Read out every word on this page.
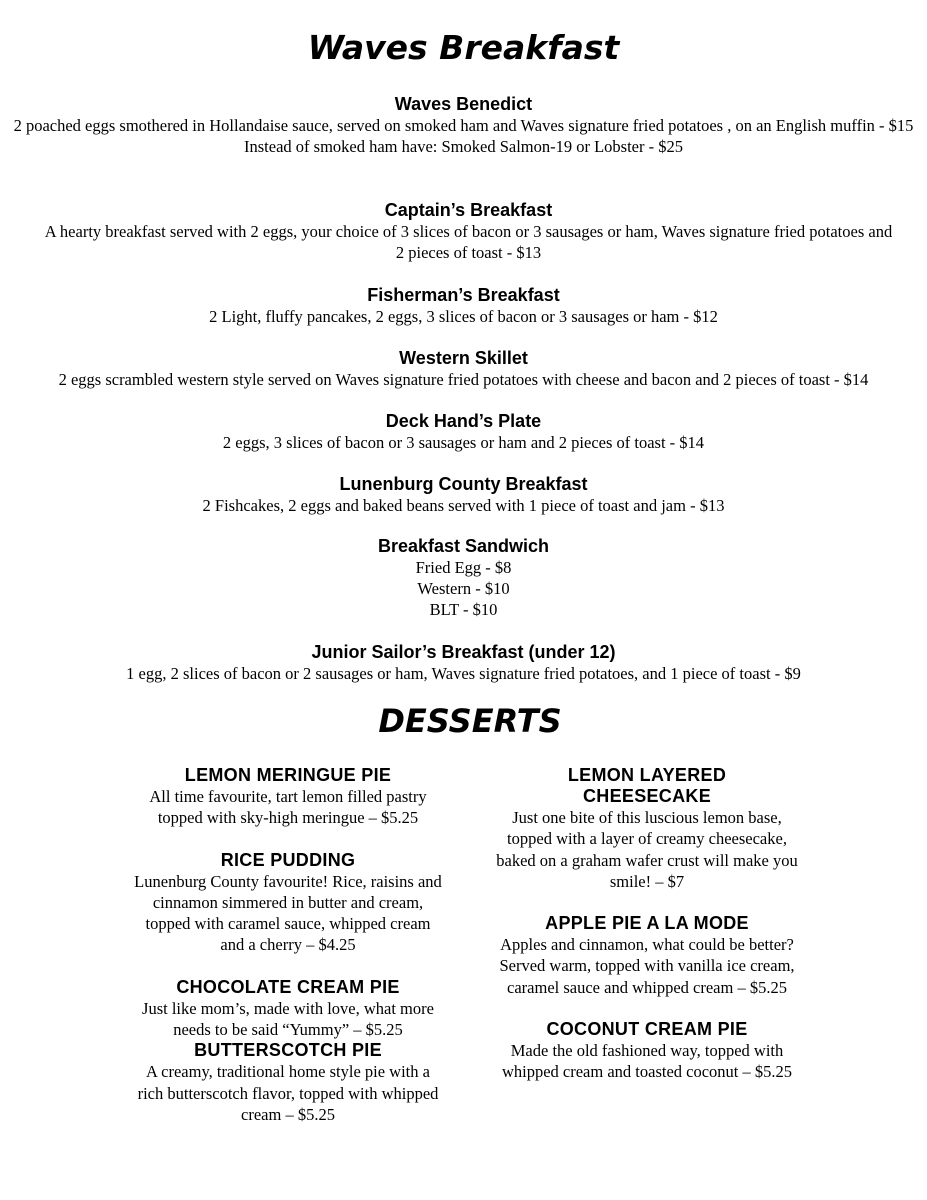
Waves Breakfast
Waves Benedict

2 poached eggs smothered in Hollandaise sauce, served on smoked ham and Waves signature fried potatoes , on an English muffin - $15

Instead of smoked ham have: Smoked Salmon-19 or Lobster - $25

Captain’s Breakfast

A hearty breakfast served with 2 eggs, your choice of 3 slices of bacon or 3 sausages or ham, Waves signature fried potatoes and 2 pieces of toast - $13

Fisherman’s Breakfast

2 Light, fluffy pancakes, 2 eggs, 3 slices of bacon or 3 sausages or ham - $12

Western Skillet

2 eggs scrambled western style served on Waves signature fried potatoes with cheese and bacon and 2 pieces of toast - $14

Deck Hand’s Plate

2 eggs, 3 slices of bacon or 3 sausages or ham and 2 pieces of toast - $14

Lunenburg County Breakfast

2 Fishcakes, 2 eggs and baked beans served with 1 piece of toast and jam - $13

Breakfast Sandwich

Fried Egg - $8

Western - $10

BLT - $10

Junior Sailor’s Breakfast (under 12)

1 egg, 2 slices of bacon or 2 sausages or ham, Waves signature fried potatoes, and 1 piece of toast - $9

DESSERTS
LEMON MERINGUE PIE

All time favourite, tart lemon filled pastry topped with sky-high meringue – $5.25

RICE PUDDING

Lunenburg County favourite! Rice, raisins and cinnamon simmered in butter and cream, topped with caramel sauce, whipped cream and a cherry – $4.25

CHOCOLATE CREAM PIE

Just like mom’s, made with love, what more needs to be said “Yummy” – $5.25

BUTTERSCOTCH PIE

A creamy, traditional home style pie with a rich butterscotch flavor, topped with whipped cream – $5.25

LEMON LAYERED CHEESECAKE

Just one bite of this luscious lemon base, topped with a layer of creamy cheesecake, baked on a graham wafer crust will make you smile! – $7

APPLE PIE A LA MODE

Apples and cinnamon, what could be better? Served warm, topped with vanilla ice cream, caramel sauce and whipped cream – $5.25

COCONUT CREAM PIE

Made the old fashioned way, topped with whipped cream and toasted coconut – $5.25
